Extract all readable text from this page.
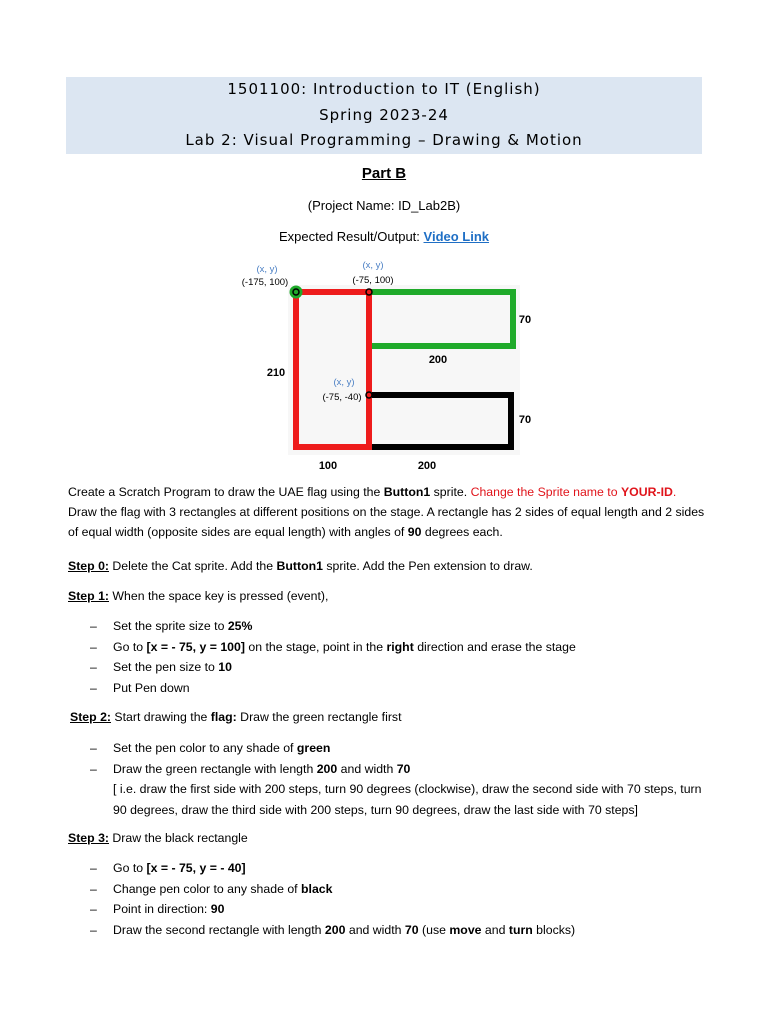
1501100: Introduction to IT (English)
Spring 2023-24
Lab 2: Visual Programming – Drawing & Motion
Part B
(Project Name: ID_Lab2B)
Expected Result/Output: Video Link
(x, y)
(-175, 100)
(x, y)
(-75, 100)
(x, y)
(-75, -40)
210
70
200
70
100	200
Create a Scratch Program to draw the UAE flag using the Button1 sprite. Change the Sprite name to YOUR-ID. Draw the flag with 3 rectangles at different positions on the stage. A rectangle has 2 sides of equal length and 2 sides of equal width (opposite sides are equal length) with angles of 90 degrees each.
Step 0: Delete the Cat sprite. Add the Button1 sprite. Add the Pen extension to draw.
Step 1: When the space key is pressed (event),
– Set the sprite size to 25%
– Go to [x = - 75, y = 100] on the stage, point in the right direction and erase the stage
– Set the pen size to 10
– Put Pen down
Step 2: Start drawing the flag: Draw the green rectangle first
– Set the pen color to any shade of green
– Draw the green rectangle with length 200 and width 70
[ i.e. draw the first side with 200 steps, turn 90 degrees (clockwise), draw the second side with 70 steps, turn 90 degrees, draw the third side with 200 steps, turn 90 degrees, draw the last side with 70 steps]
Step 3: Draw the black rectangle
– Go to [x = - 75, y = - 40]
– Change pen color to any shade of black
– Point in direction: 90
– Draw the second rectangle with length 200 and width 70 (use move and turn blocks)
